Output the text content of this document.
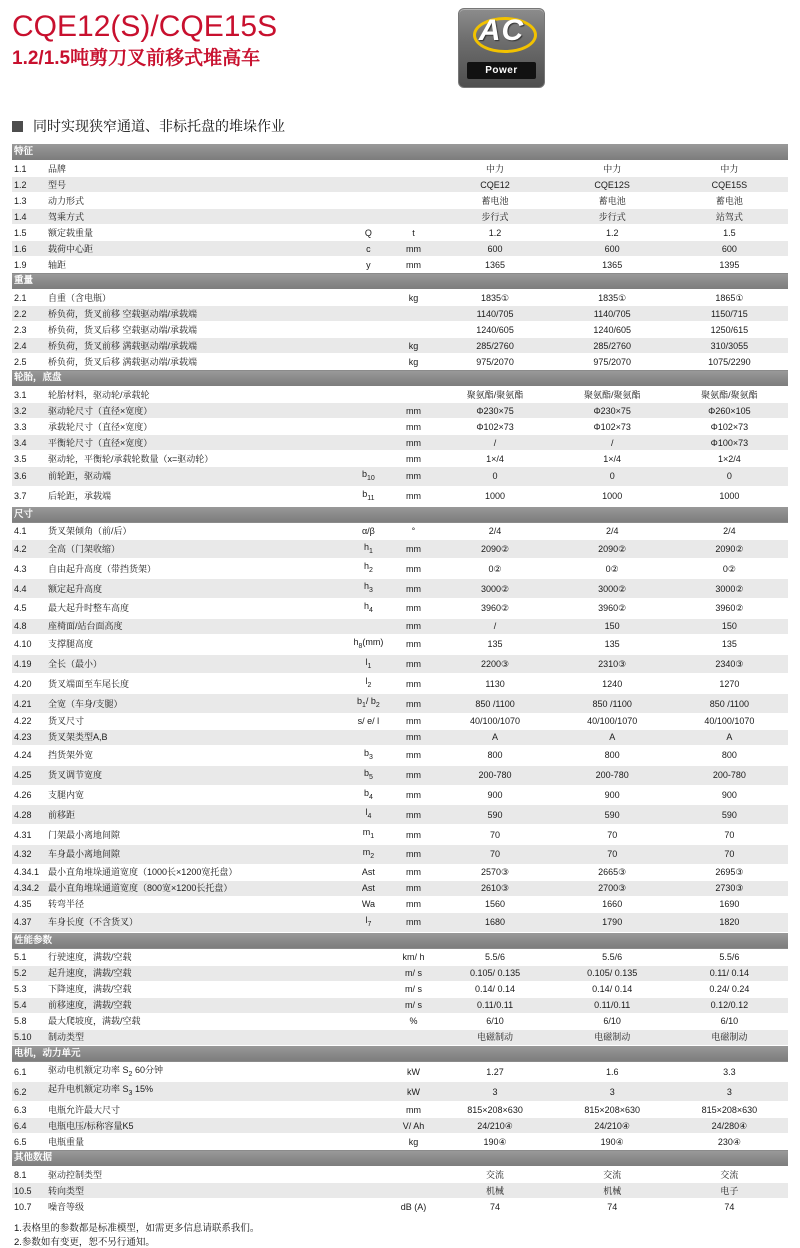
CQE12(S)/CQE15S
1.2/1.5吨剪刀叉前移式堆高车
AC
Power
同时实现狭窄通道、非标托盘的堆垛作业
特征						
1.1	品牌			中力	中力	中力
1.2	型号			CQE12	CQE12S	CQE15S
1.3	动力形式			蓄电池	蓄电池	蓄电池
1.4	驾乘方式			步行式	步行式	站驾式
1.5	额定载重量	Q	t	1.2	1.2	1.5
1.6	载荷中心距	c	mm	600	600	600
1.9	轴距	y	mm	1365	1365	1395
重量						
2.1	自重（含电瓶）		kg	1835①	1835①	1865①
2.2	桥负荷，货叉前移 空载驱动端/承载端			1140/705	1140/705	1150/715
2.3	桥负荷，货叉后移 空载驱动端/承载端			1240/605	1240/605	1250/615
2.4	桥负荷，货叉前移 满载驱动端/承载端		kg	285/2760	285/2760	310/3055
2.5	桥负荷，货叉后移 满载驱动端/承载端		kg	975/2070	975/2070	1075/2290
轮胎，底盘						
3.1	轮胎材料，驱动轮/承载轮			聚氨酯/聚氨酯	聚氨酯/聚氨酯	聚氨酯/聚氨酯
3.2	驱动轮尺寸（直径×宽度）		mm	Φ230×75	Φ230×75	Φ260×105
3.3	承载轮尺寸（直径×宽度）		mm	Φ102×73	Φ102×73	Φ102×73
3.4	平衡轮尺寸（直径×宽度）		mm	/	/	Φ100×73
3.5	驱动轮，平衡轮/承载轮数量（x=驱动轮）		mm	1×/4	1×/4	1×2/4
3.6	前轮距，驱动端	$b_{10}$	mm	0	0	0
3.7	后轮距，承载端	$b_{11}$	mm	1000	1000	1000
尺寸						
4.1	货叉架倾角（前/后）	α/β	°	2/4	2/4	2/4
4.2	全高（门架收缩）	$h_1$	mm	2090②	2090②	2090②
4.3	自由起升高度（带挡货架）	$h_2$	mm	0②	0②	0②
4.4	额定起升高度	$h_3$	mm	3000②	3000②	3000②
4.5	最大起升时整车高度	$h_4$	mm	3960②	3960②	3960②
4.8	座椅面/站台面高度		mm	/	150	150
4.10	支撑腿高度	$h_8(mm)$	mm	135	135	135
4.19	全长（最小）	$l_1$	mm	2200③	2310③	2340③
4.20	货叉端面至车尾长度	$l_2$	mm	1130	1240	1270
4.21	全宽（车身/支腿）	$b_1/$ $b_2$	mm	850 /1100	850 /1100	850 /1100
4.22	货叉尺寸	s/ e/ l	mm	40/100/1070	40/100/1070	40/100/1070
4.23	货叉架类型A,B		mm	A	A	A
4.24	挡货架外宽	$b_3$	mm	800	800	800
4.25	货叉调节宽度	$b_5$	mm	200-780	200-780	200-780
4.26	支腿内宽	$b_4$	mm	900	900	900
4.28	前移距	$l_4$	mm	590	590	590
4.31	门架最小离地间隙	$m_1$	mm	70	70	70
4.32	车身最小离地间隙	$m_2$	mm	70	70	70
4.34.1	最小直角堆垛通道宽度（1000长×1200宽托盘）	Ast	mm	2570③	2665③	2695③
4.34.2	最小直角堆垛通道宽度（800宽×1200长托盘）	Ast	mm	2610③	2700③	2730③
4.35	转弯半径	Wa	mm	1560	1660	1690
4.37	车身长度（不含货叉）	$l_7$	mm	1680	1790	1820
性能参数						
5.1	行驶速度，满载/空载		km/ h	5.5/6	5.5/6	5.5/6
5.2	起升速度，满载/空载		m/ s	0.105/ 0.135	0.105/ 0.135	0.11/ 0.14
5.3	下降速度，满载/空载		m/ s	0.14/ 0.14	0.14/ 0.14	0.24/ 0.24
5.4	前移速度，满载/空载		m/ s	0.11/0.11	0.11/0.11	0.12/0.12
5.8	最大爬坡度，满载/空载		%	6/10	6/10	6/10
5.10	制动类型			电磁制动	电磁制动	电磁制动
电机，动力单元						
6.1	驱动电机额定功率 $S_2$ 60分钟		kW	1.27	1.6	3.3
6.2	起升电机额定功率 $S_3$ 15%		kW	3	3	3
6.3	电瓶允许最大尺寸		mm	815×208×630	815×208×630	815×208×630
6.4	电瓶电压/标称容量K5		V/ Ah	24/210④	24/210④	24/280④
6.5	电瓶重量		kg	190④	190④	230④
其他数据						
8.1	驱动控制类型			交流	交流	交流
10.5	转向类型			机械	机械	电子
10.7	噪音等级		dB (A)	74	74	74
1.表格里的参数都是标准模型，如需更多信息请联系我们。
2.参数如有变更，恕不另行通知。
